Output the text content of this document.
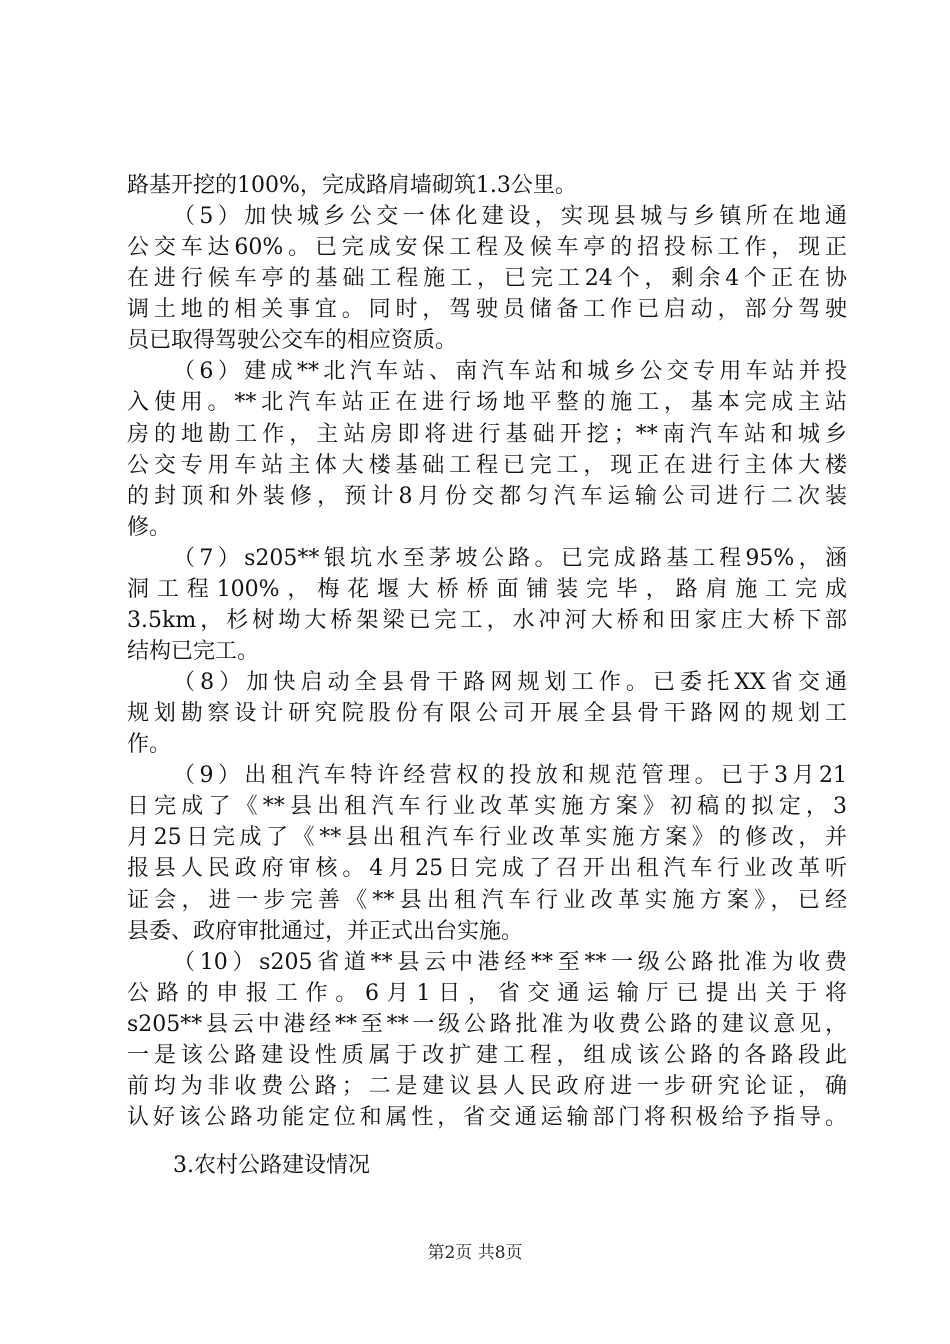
路基开挖的100%，完成路肩墙砌筑1.3公里。
（5）加快城乡公交一体化建设，实现县城与乡镇所在地通
公交车达60%。已完成安保工程及候车亭的招投标工作，现正
在进行候车亭的基础工程施工，已完工24个，剩余4个正在协
调土地的相关事宜。同时，驾驶员储备工作已启动，部分驾驶
员已取得驾驶公交车的相应资质。
（6）建成**北汽车站、南汽车站和城乡公交专用车站并投
入使用。**北汽车站正在进行场地平整的施工，基本完成主站
房的地勘工作，主站房即将进行基础开挖；**南汽车站和城乡
公交专用车站主体大楼基础工程已完工，现正在进行主体大楼
的封顶和外装修，预计8月份交都匀汽车运输公司进行二次装
修。
（7）s205**银坑水至茅坡公路。已完成路基工程95%，涵
洞工程100%，梅花堰大桥桥面铺装完毕，路肩施工完成
3.5km，杉树坳大桥架梁已完工，水冲河大桥和田家庄大桥下部
结构已完工。
（8）加快启动全县骨干路网规划工作。已委托XX省交通
规划勘察设计研究院股份有限公司开展全县骨干路网的规划工
作。
（9）出租汽车特许经营权的投放和规范管理。已于3月21
日完成了《**县出租汽车行业改革实施方案》初稿的拟定，3
月25日完成了《**县出租汽车行业改革实施方案》的修改，并
报县人民政府审核。4月25日完成了召开出租汽车行业改革听
证会，进一步完善《**县出租汽车行业改革实施方案》，已经
县委、政府审批通过，并正式出台实施。
（10）s205省道**县云中港经**至**一级公路批准为收费
公路的申报工作。6月1日，省交通运输厅已提出关于将
s205**县云中港经**至**一级公路批准为收费公路的建议意见，
一是该公路建设性质属于改扩建工程，组成该公路的各路段此
前均为非收费公路；二是建议县人民政府进一步研究论证，确
认好该公路功能定位和属性，省交通运输部门将积极给予指导。
3.农村公路建设情况
第2页 共8页
